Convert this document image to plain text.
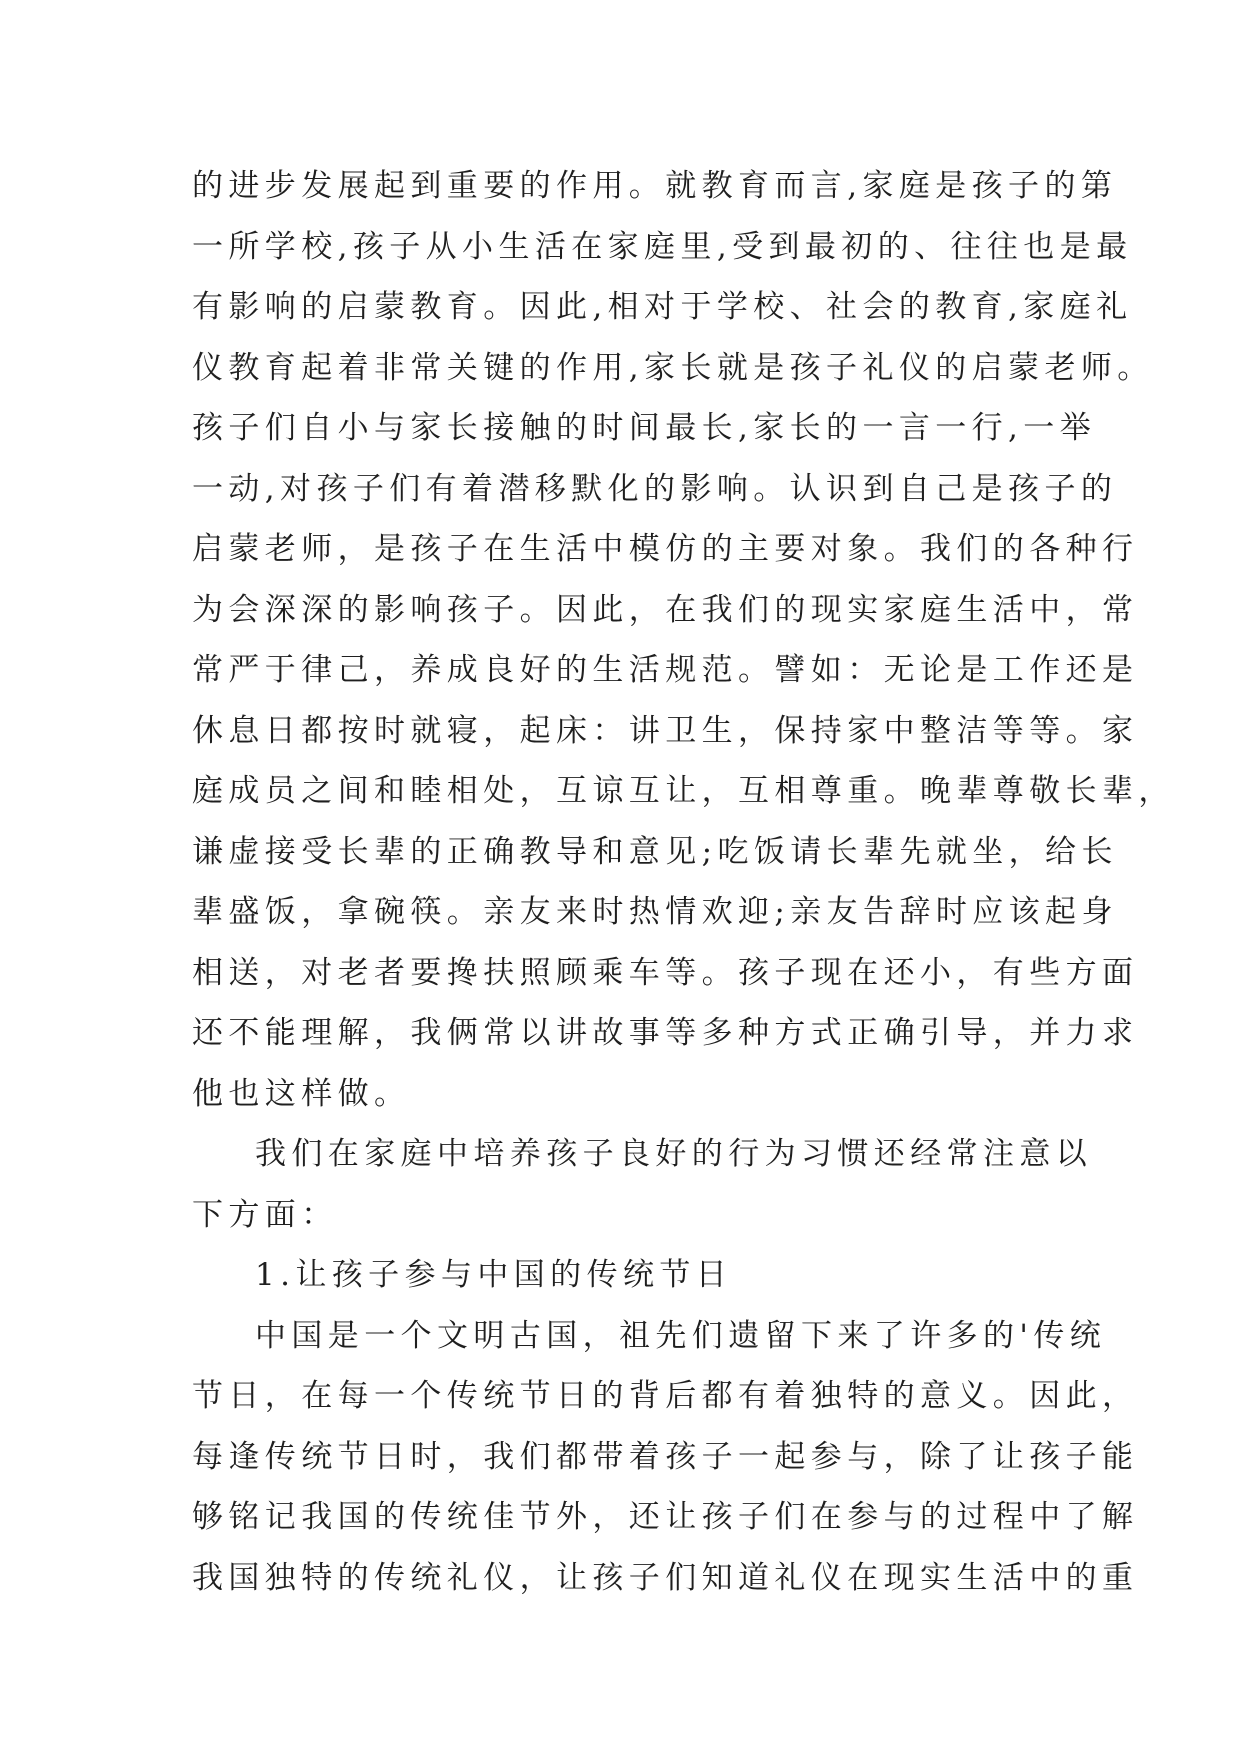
的进步发展起到重要的作用。就教育而言,家庭是孩子的第
一所学校,孩子从小生活在家庭里,受到最初的、往往也是最
有影响的启蒙教育。因此,相对于学校、社会的教育,家庭礼
仪教育起着非常关键的作用,家长就是孩子礼仪的启蒙老师。
孩子们自小与家长接触的时间最长,家长的一言一行,一举
一动,对孩子们有着潜移默化的影响。认识到自己是孩子的
启蒙老师，是孩子在生活中模仿的主要对象。我们的各种行
为会深深的影响孩子。因此，在我们的现实家庭生活中，常
常严于律己，养成良好的生活规范。譬如：无论是工作还是
休息日都按时就寝，起床：讲卫生，保持家中整洁等等。家
庭成员之间和睦相处，互谅互让，互相尊重。晚辈尊敬长辈，
谦虚接受长辈的正确教导和意见;吃饭请长辈先就坐，给长
辈盛饭，拿碗筷。亲友来时热情欢迎;亲友告辞时应该起身
相送，对老者要搀扶照顾乘车等。孩子现在还小，有些方面
还不能理解，我俩常以讲故事等多种方式正确引导，并力求
他也这样做。
我们在家庭中培养孩子良好的行为习惯还经常注意以
下方面：
1.让孩子参与中国的传统节日
中国是一个文明古国，祖先们遗留下来了许多的'传统
节日，在每一个传统节日的背后都有着独特的意义。因此，
每逢传统节日时，我们都带着孩子一起参与，除了让孩子能
够铭记我国的传统佳节外，还让孩子们在参与的过程中了解
我国独特的传统礼仪，让孩子们知道礼仪在现实生活中的重
